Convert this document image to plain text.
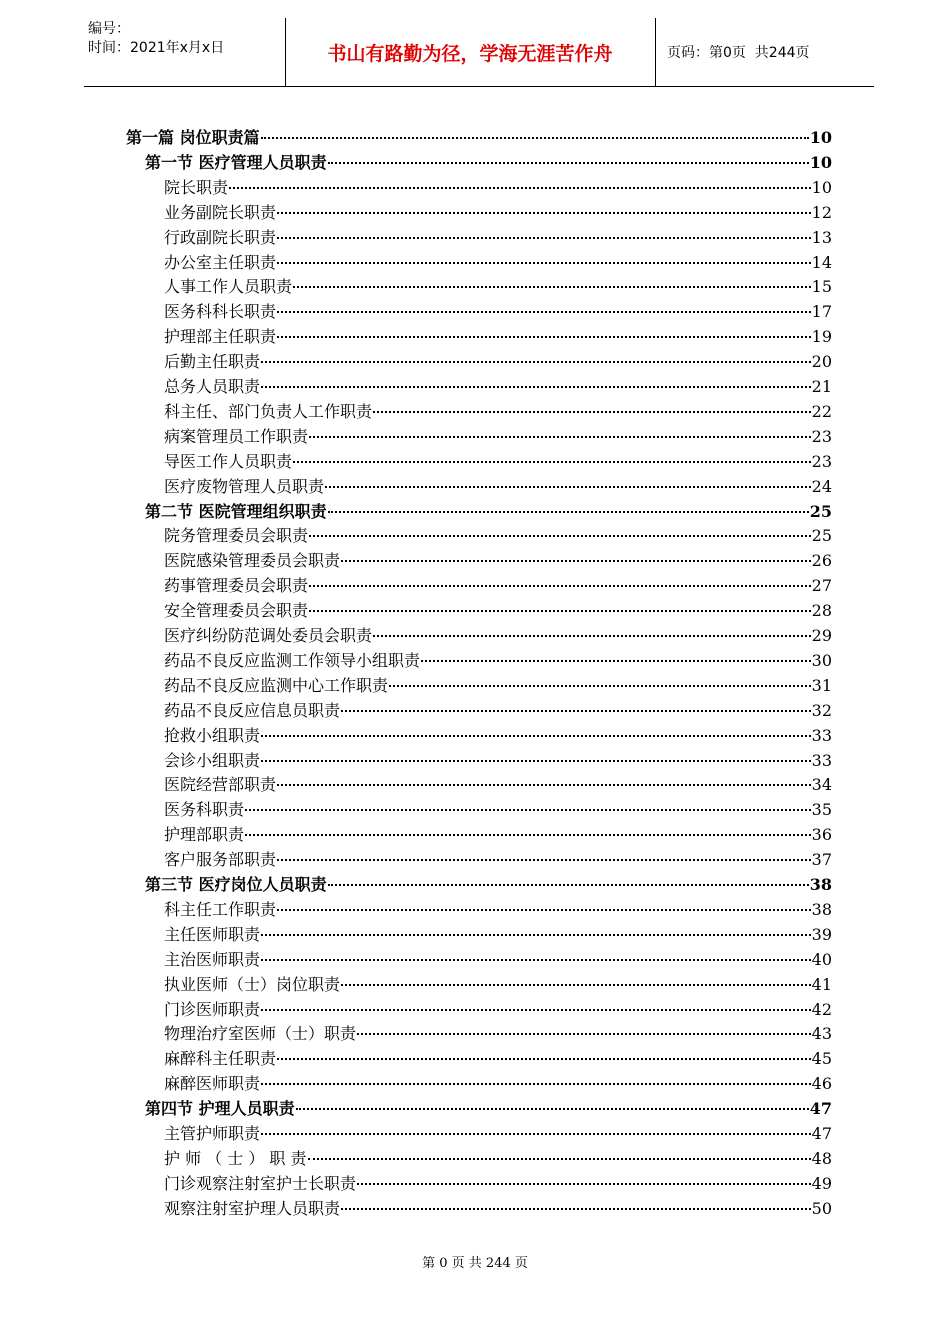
编号：
时间：2021年x月x日	书山有路勤为径，学海无涯苦作舟	页码：第0页  共244页
第一篇 岗位职责篇	10
第一节 医疗管理人员职责	10
院长职责	10
业务副院长职责	12
行政副院长职责	13
办公室主任职责	14
人事工作人员职责	15
医务科科长职责	17
护理部主任职责	19
后勤主任职责	20
总务人员职责	21
科主任、部门负责人工作职责	22
病案管理员工作职责	23
导医工作人员职责	23
医疗废物管理人员职责	24
第二节 医院管理组织职责	25
院务管理委员会职责	25
医院感染管理委员会职责	26
药事管理委员会职责	27
安全管理委员会职责	28
医疗纠纷防范调处委员会职责	29
药品不良反应监测工作领导小组职责	30
药品不良反应监测中心工作职责	31
药品不良反应信息员职责	32
抢救小组职责	33
会诊小组职责	33
医院经营部职责	34
医务科职责	35
护理部职责	36
客户服务部职责	37
第三节 医疗岗位人员职责	38
科主任工作职责	38
主任医师职责	39
主治医师职责	40
执业医师（士）岗位职责	41
门诊医师职责	42
物理治疗室医师（士）职责	43
麻醉科主任职责	45
麻醉医师职责	46
第四节 护理人员职责	47
主管护师职责	47
护 师 （ 士 ） 职 责	48
门诊观察注射室护士长职责	49
观察注射室护理人员职责	50
第 0 页 共 244 页
